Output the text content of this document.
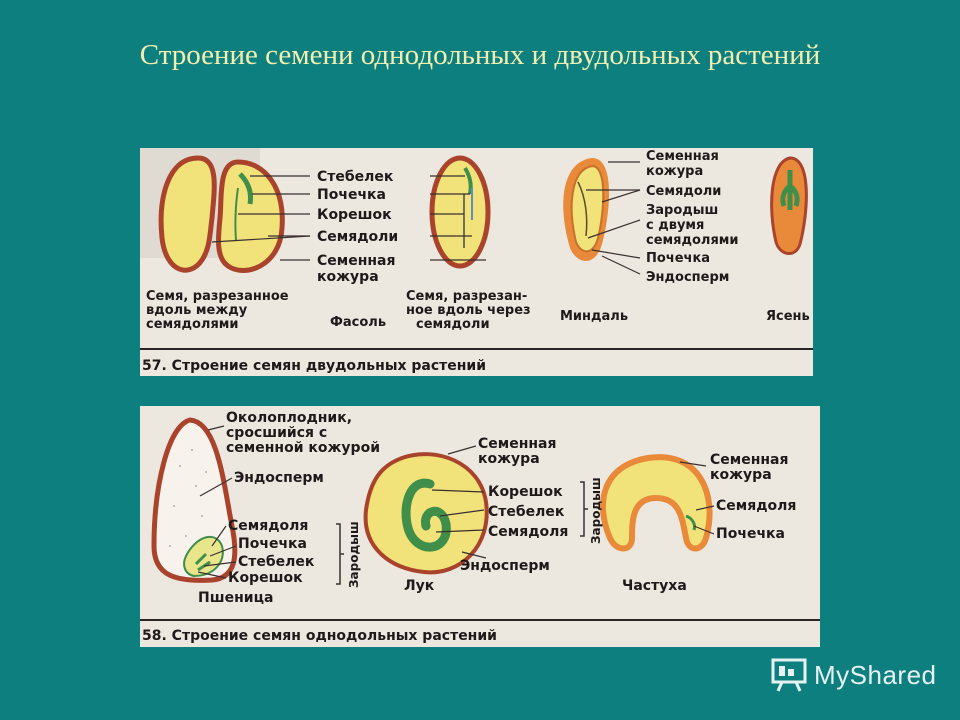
Строение семени однодольных и двудольных растений
Стебелек
Почечка
Корешок
Семядоли
Семенная
кожура
Семенная
кожура
Семядоли
Зародыш
с двумя
семядолями
Почечка
Эндосперм
Семя, разрезанное
вдоль между
семядолями	Фасоль
Семя, разрезан-
ное вдоль через
семядоли
Миндаль	Ясень
57. Строение семян двудольных растений
Околоплодник,
сросшийся с
семенной кожурой
Эндосперм
Семядоля
Почечка
Стебелек
Корешок	Зародыш
Пшеница
Семенная
кожура
Корешок
Стебелек
Семядоля Зародыш
Эндосперм
Лук
Семенная
кожура
Семядоля
Почечка
Частуха
58. Строение семян однодольных растений
MyShared
